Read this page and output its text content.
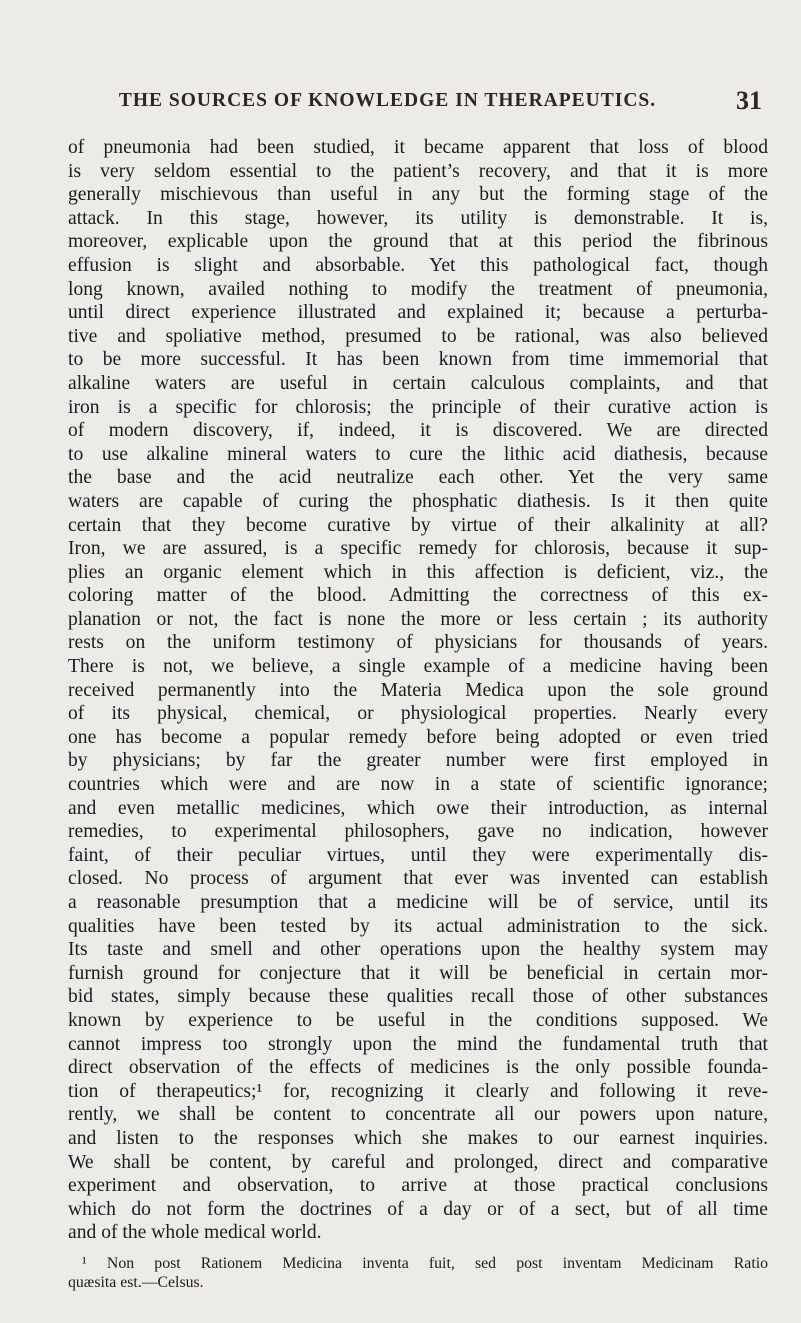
THE SOURCES OF KNOWLEDGE IN THERAPEUTICS.	31
of pneumonia had been studied, it became apparent that loss of blood
is very seldom essential to the patient’s recovery, and that it is more
generally mischievous than useful in any but the forming stage of the
attack. In this stage, however, its utility is demonstrable. It is,
moreover, explicable upon the ground that at this period the fibrinous
effusion is slight and absorbable. Yet this pathological fact, though
long known, availed nothing to modify the treatment of pneumonia,
until direct experience illustrated and explained it; because a perturba-
tive and spoliative method, presumed to be rational, was also believed
to be more successful. It has been known from time immemorial that
alkaline waters are useful in certain calculous complaints, and that
iron is a specific for chlorosis; the principle of their curative action is
of modern discovery, if, indeed, it is discovered. We are directed
to use alkaline mineral waters to cure the lithic acid diathesis, because
the base and the acid neutralize each other. Yet the very same
waters are capable of curing the phosphatic diathesis. Is it then quite
certain that they become curative by virtue of their alkalinity at all?
Iron, we are assured, is a specific remedy for chlorosis, because it sup-
plies an organic element which in this affection is deficient, viz., the
coloring matter of the blood. Admitting the correctness of this ex-
planation or not, the fact is none the more or less certain ; its authority
rests on the uniform testimony of physicians for thousands of years.
There is not, we believe, a single example of a medicine having been
received permanently into the Materia Medica upon the sole ground
of its physical, chemical, or physiological properties. Nearly every
one has become a popular remedy before being adopted or even tried
by physicians; by far the greater number were first employed in
countries which were and are now in a state of scientific ignorance;
and even metallic medicines, which owe their introduction, as internal
remedies, to experimental philosophers, gave no indication, however
faint, of their peculiar virtues, until they were experimentally dis-
closed. No process of argument that ever was invented can establish
a reasonable presumption that a medicine will be of service, until its
qualities have been tested by its actual administration to the sick.
Its taste and smell and other operations upon the healthy system may
furnish ground for conjecture that it will be beneficial in certain mor-
bid states, simply because these qualities recall those of other substances
known by experience to be useful in the conditions supposed. We
cannot impress too strongly upon the mind the fundamental truth that
direct observation of the effects of medicines is the only possible founda-
tion of therapeutics;¹ for, recognizing it clearly and following it reve-
rently, we shall be content to concentrate all our powers upon nature,
and listen to the responses which she makes to our earnest inquiries.
We shall be content, by careful and prolonged, direct and comparative
experiment and observation, to arrive at those practical conclusions
which do not form the doctrines of a day or of a sect, but of all time
and of the whole medical world.
¹ Non post Rationem Medicina inventa fuit, sed post inventam Medicinam Ratio
quæsita est.—Celsus.
